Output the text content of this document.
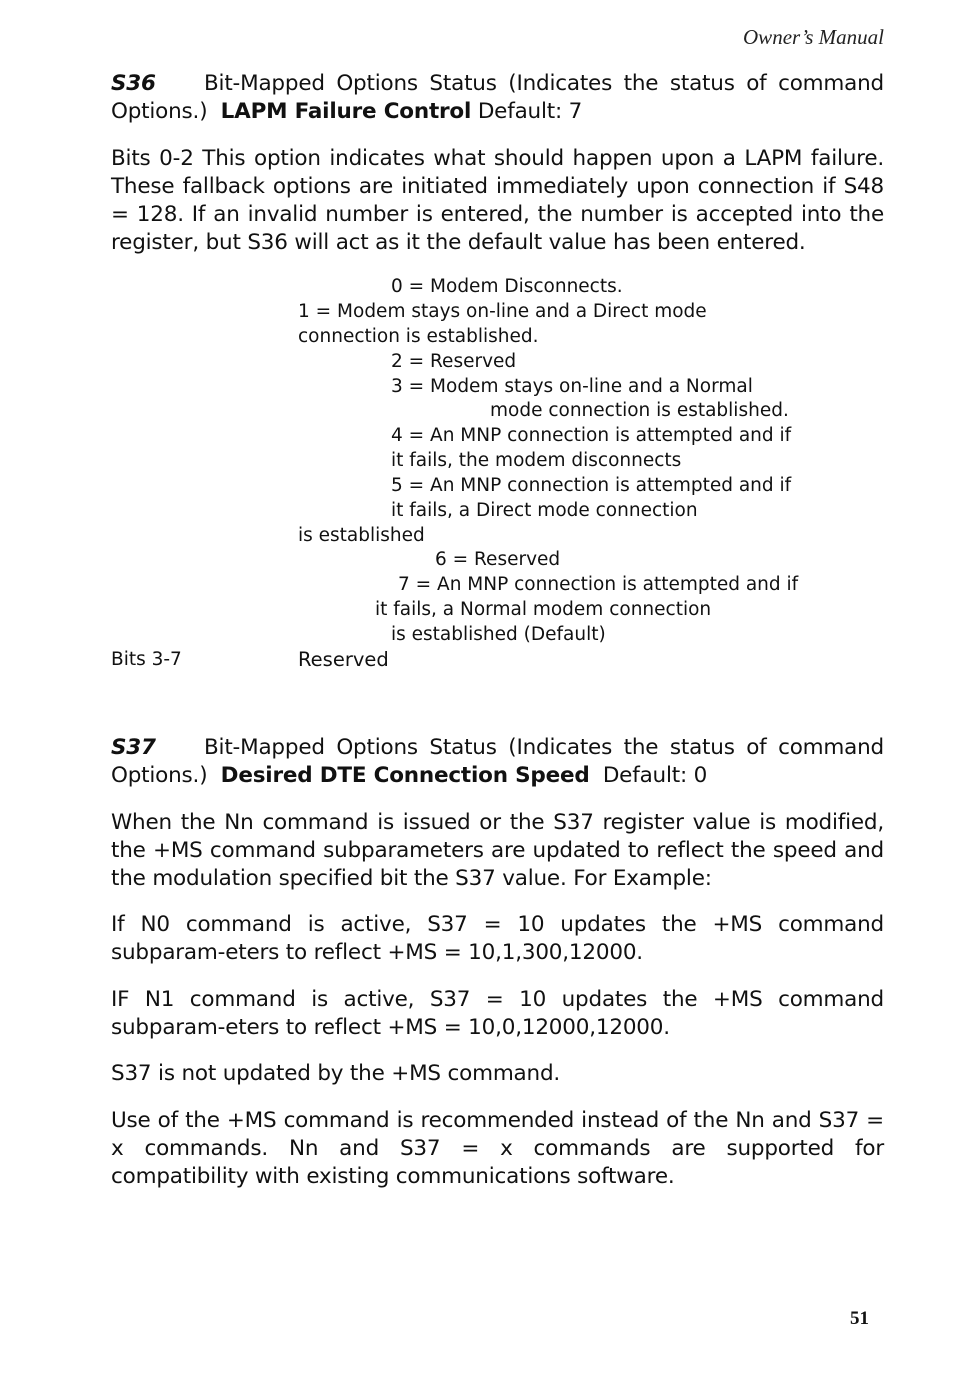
Owner’s Manual
S36 Bit-Mapped Options Status (Indicates the status of command Options.) LAPM Failure Control Default: 7
Bits 0-2 This option indicates what should happen upon a LAPM failure. These fallback options are initiated immediately upon connection if S48 = 128. If an invalid number is entered, the number is accepted into the register, but S36 will act as it the default value has been entered.
0 = Modem Disconnects.
1 = Modem stays on-line and a Direct mode
connection is established.
2 = Reserved
3 = Modem stays on-line and a Normal
mode connection is established.
4 = An MNP connection is attempted and if
it fails, the modem disconnects
5 = An MNP connection is attempted and if
it fails, a Direct mode connection
is established
6 = Reserved
7 = An MNP connection is attempted and if
it fails, a Normal modem connection
is established (Default)
Bits 3-7	Reserved
S37 Bit-Mapped Options Status (Indicates the status of command Options.) Desired DTE Connection Speed Default: 0
When the Nn command is issued or the S37 register value is modified, the +MS command subparameters are updated to reflect the speed and the modulation specified bit the S37 value. For Example:
If N0 command is active, S37 = 10 updates the +MS command subparam-eters to reflect +MS = 10,1,300,12000.
IF N1 command is active, S37 = 10 updates the +MS command subparam-eters to reflect +MS = 10,0,12000,12000.
S37 is not updated by the +MS command.
Use of the +MS command is recommended instead of the Nn and S37 = x commands. Nn and S37 = x commands are supported for compatibility with existing communications software.
51
